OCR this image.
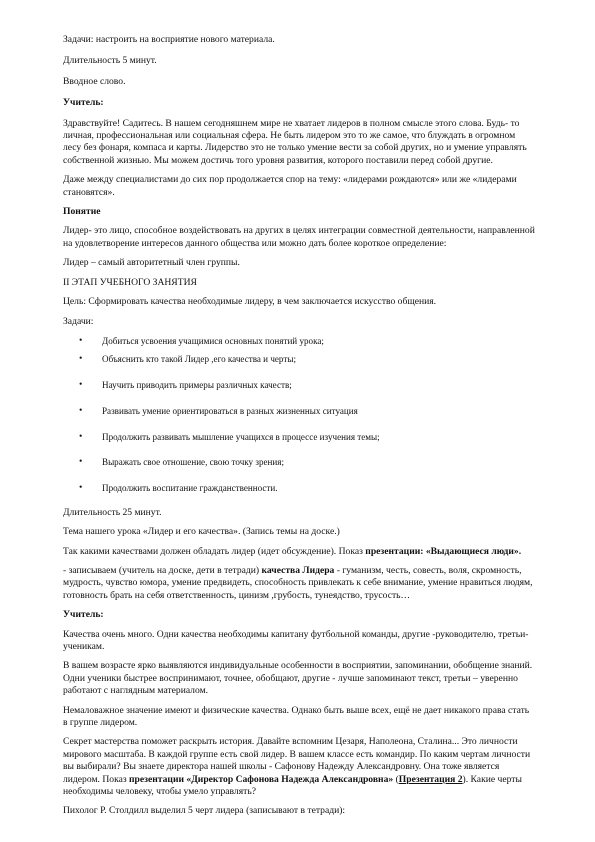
Задачи: настроить на восприятие нового материала.

Длительность 5 минут.

Вводное слово.

Учитель:

Здравствуйте! Садитесь. В нашем сегодняшнем мире не хватает лидеров в полном смысле этого слова. Будь- то личная, профессиональная или социальная сфера. Не быть лидером это то же самое, что блуждать в огромном лесу без фонаря, компаса и карты. Лидерство это не только умение вести за собой других, но и умение управлять собственной жизнью. Мы можем достичь того уровня развития, которого поставили перед собой другие.

Даже между специалистами до сих пор продолжается спор на тему: «лидерами рождаются» или же «лидерами становятся».

Понятие

Лидер- это лицо, способное воздействовать на других в целях интеграции совместной деятельности, направленной на удовлетворение интересов данного общества или можно дать более короткое определение:

Лидер – самый авторитетный член группы.

II ЭТАП УЧЕБНОГО ЗАНЯТИЯ

Цель: Сформировать качества необходимые лидеру, в чем заключается искусство общения.

Задачи:

• Добиться усвоения учащимися основных понятий урока;
• Объяснить кто такой Лидер ,его качества и черты;
• Научить приводить примеры различных качеств;
• Развивать умение ориентироваться в разных жизненных ситуация
• Продолжить развивать мышление учащихся в процессе изучения темы;
• Выражать свое отношение, свою точку зрения;
• Продолжить воспитание гражданственности.

Длительность 25 минут.

Тема нашего урока «Лидер и его качества». (Запись темы на доске.)

Так какими качествами должен обладать лидер (идет обсуждение). Показ презентации: «Выдающиеся люди».

- записываем (учитель на доске, дети в тетради) качества Лидера - гуманизм, честь, совесть, воля, скромность, мудрость, чувство юмора, умение предвидеть, способность привлекать к себе внимание, умение нравиться людям, готовность брать на себя ответственность, цинизм ,грубость, тунеядство, трусость…

Учитель:

Качества очень много. Одни качества необходимы капитану футбольной команды, другие -руководителю, третьи-ученикам.

В вашем возрасте ярко выявляются индивидуальные особенности в восприятии, запоминании, обобщение знаний. Одни ученики быстрее воспринимают, точнее, обобщают, другие - лучше запоминают текст, третьи – уверенно работают с наглядным материалом.

Немаловажное значение имеют и физические качества. Однако быть выше всех, ещё не дает никакого права стать в группе лидером.

Секрет мастерства поможет раскрыть история. Давайте вспомним Цезаря, Наполеона, Сталина... Это личности мирового масштаба. В каждой группе есть свой лидер. В вашем классе есть командир. По каким чертам личности вы выбирали? Вы знаете директора нашей школы - Сафонову Надежду Александровну. Она тоже является лидером. Показ презентации «Директор Сафонова Надежда Александровна» (Презентация 2). Какие черты необходимы человеку, чтобы умело управлять?

Пихолог Р. Столдилл выделил 5 черт лидера (записывают в тетради):
